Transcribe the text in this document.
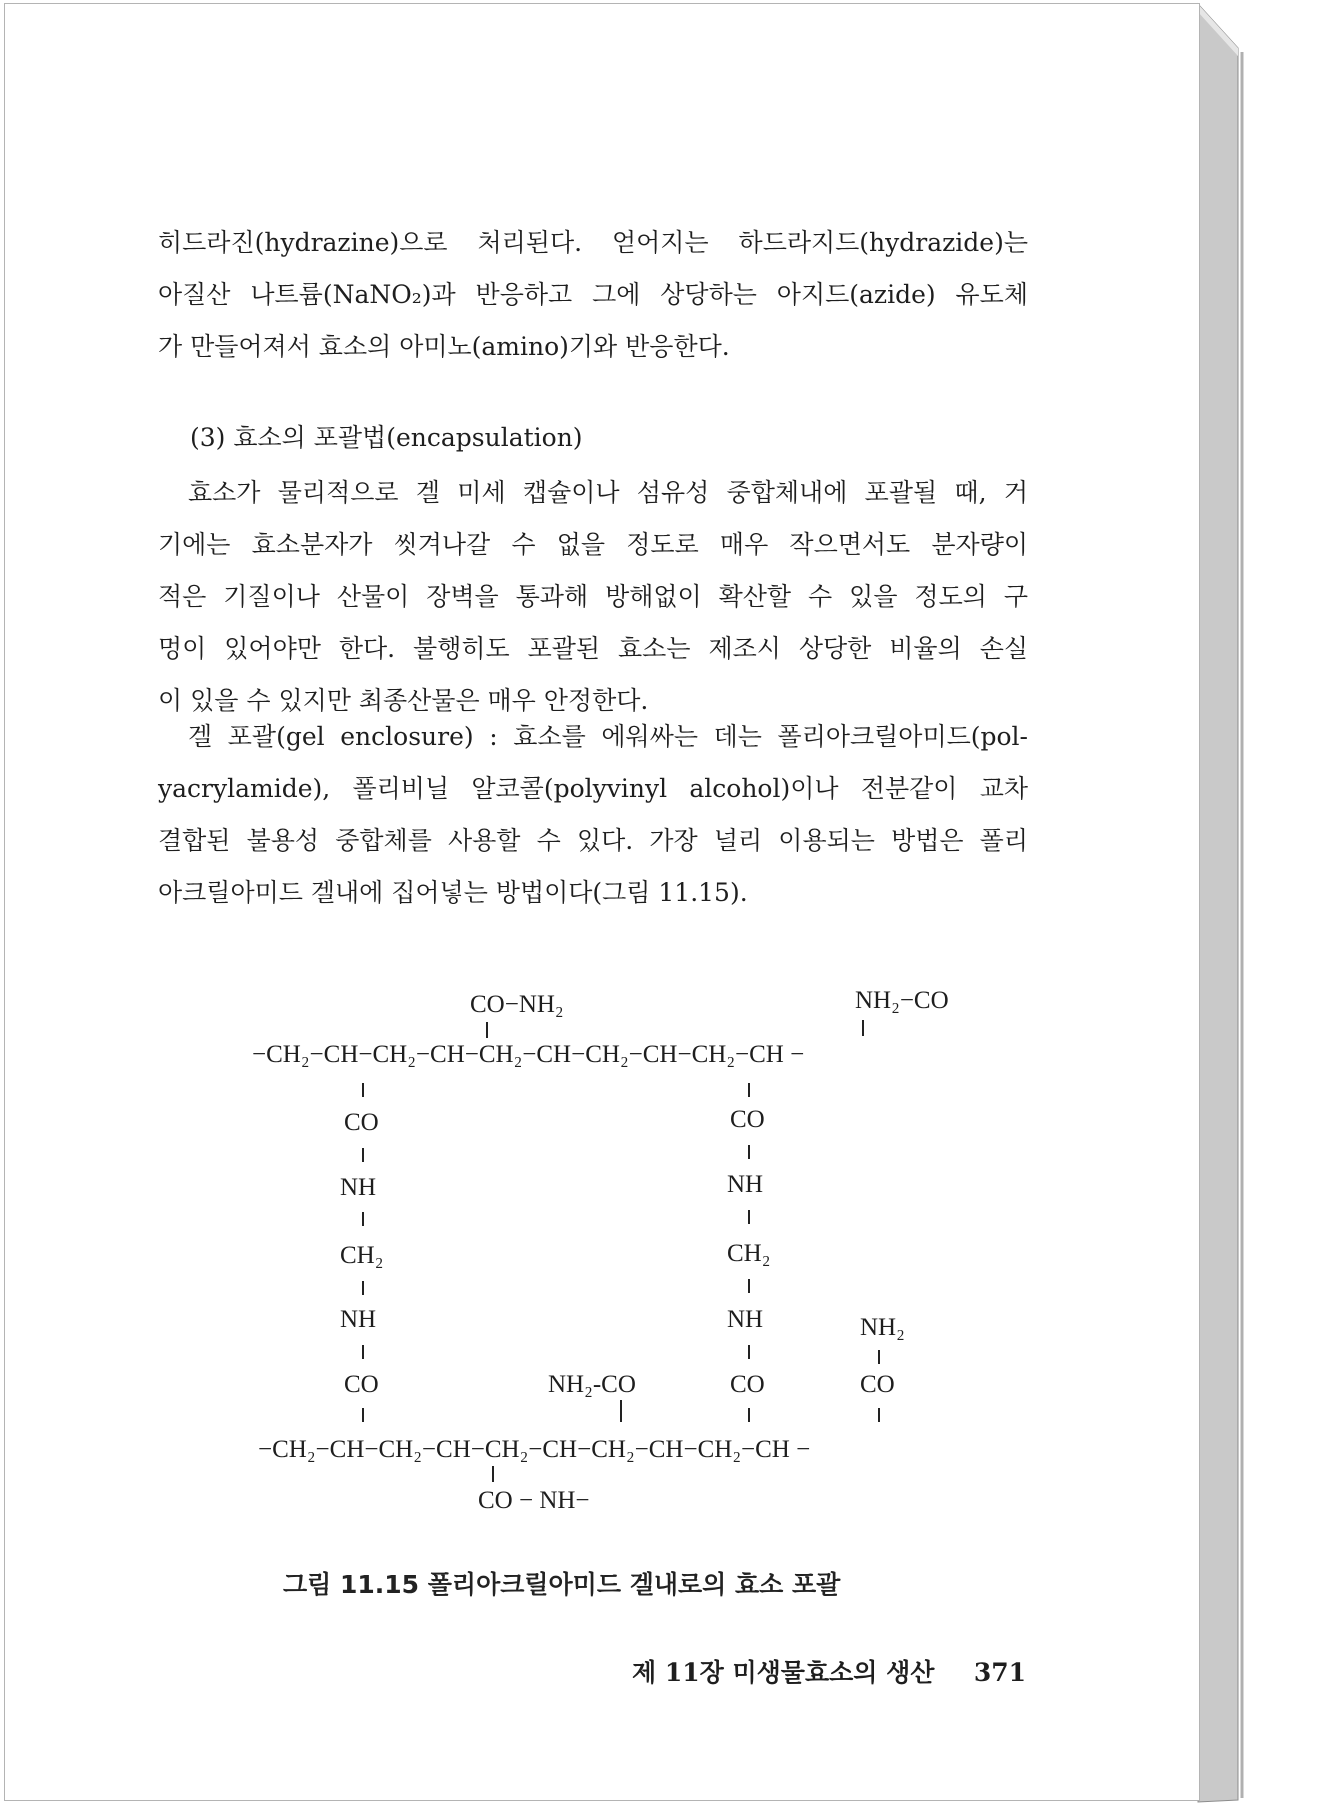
히드라진(hydrazine)으로 처리된다. 얻어지는 하드라지드(hydrazide)는
아질산 나트륨(NaNO₂)과 반응하고 그에 상당하는 아지드(azide) 유도체
가 만들어져서 효소의 아미노(amino)기와 반응한다.
(3) 효소의 포괄법(encapsulation)
효소가 물리적으로 겔 미세 캡슐이나 섬유성 중합체내에 포괄될 때, 거
기에는 효소분자가 씻겨나갈 수 없을 정도로 매우 작으면서도 분자량이
적은 기질이나 산물이 장벽을 통과해 방해없이 확산할 수 있을 정도의 구
멍이 있어야만 한다. 불행히도 포괄된 효소는 제조시 상당한 비율의 손실
이 있을 수 있지만 최종산물은 매우 안정한다.
겔 포괄(gel enclosure) : 효소를 에워싸는 데는 폴리아크릴아미드(pol-
yacrylamide), 폴리비닐 알코콜(polyvinyl alcohol)이나 전분같이 교차
결합된 불용성 중합체를 사용할 수 있다. 가장 널리 이용되는 방법은 폴리
아크릴아미드 겔내에 집어넣는 방법이다(그림 11.15).
CO−NH₂	NH₂−CO
−CH₂−CH−CH₂−CH−CH₂−CH−CH₂−CH−CH₂−CH −
CO
NH
CH₂
NH
CO
CO
NH
CH₂
NH
CO
NH₂
CO
NH₂-CO
−CH₂−CH−CH₂−CH−CH₂−CH−CH₂−CH−CH₂−CH −
CO − NH−
그림 11.15 폴리아크릴아미드 겔내로의 효소 포괄
제 11장 미생물효소의 생산 371
